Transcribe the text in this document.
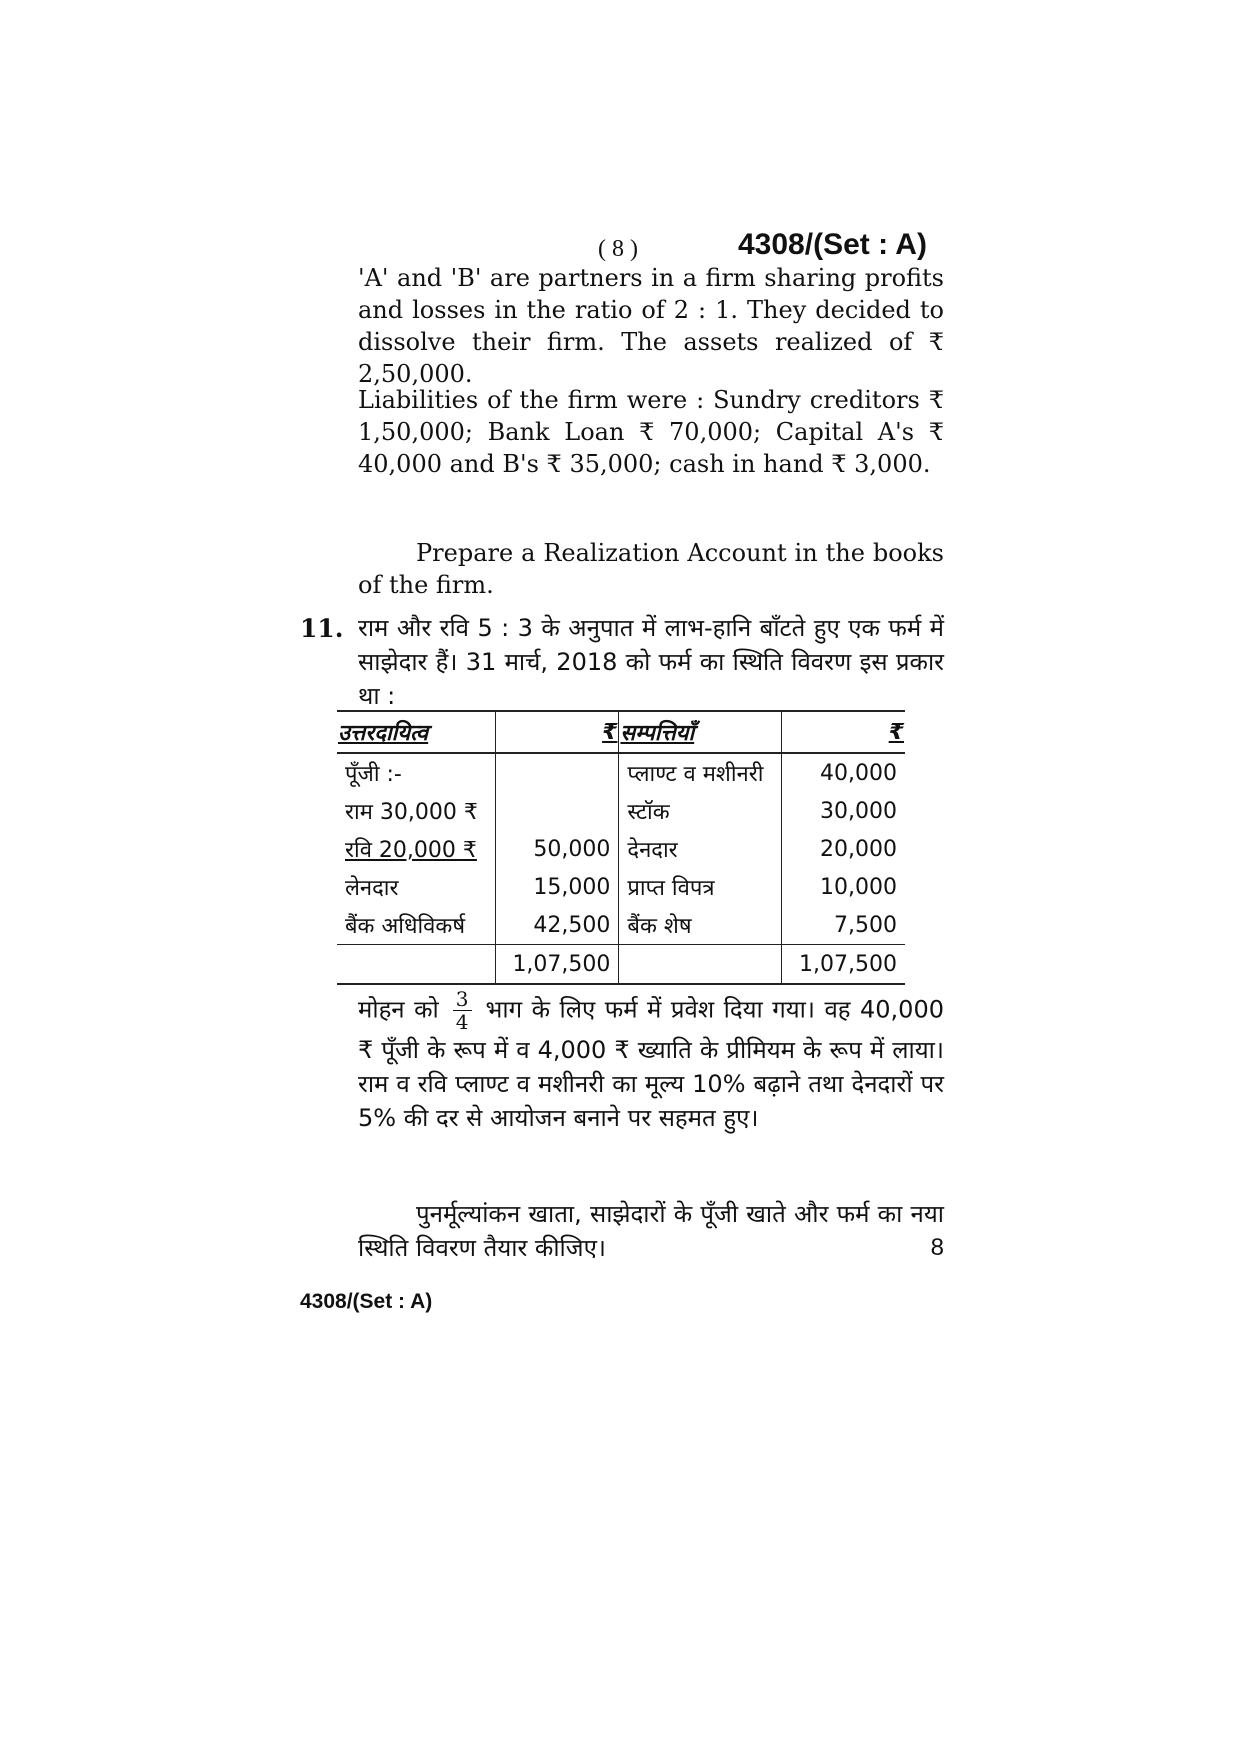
( 8 )	4308/(Set : A)
'A' and 'B' are partners in a firm sharing profits and losses in the ratio of 2 : 1. They decided to dissolve their firm. The assets realized of ₹ 2,50,000.
Liabilities of the firm were : Sundry creditors ₹ 1,50,000; Bank Loan ₹ 70,000; Capital A's ₹ 40,000 and B's ₹ 35,000; cash in hand ₹ 3,000.
Prepare a Realization Account in the books of the firm.
11. राम और रवि 5 : 3 के अनुपात में लाभ-हानि बाँटते हुए एक फर्म में साझेदार हैं। 31 मार्च, 2018 को फर्म का स्थिति विवरण इस प्रकार था :
उत्तरदायित्व	₹	सम्पत्तियाँ	₹
पूँजी :-		प्लाण्ट व मशीनरी	40,000
राम 30,000 ₹		स्टॉक	30,000
रवि 20,000 ₹	50,000	देनदार	20,000
लेनदार	15,000	प्राप्त विपत्र	10,000
बैंक अधिविकर्ष	42,500	बैंक शेष	7,500
	1,07,500		1,07,500
मोहन को $\frac{3}{4}$ भाग के लिए फर्म में प्रवेश दिया गया। वह 40,000 ₹ पूँजी के रूप में व 4,000 ₹ ख्याति के प्रीमियम के रूप में लाया। राम व रवि प्लाण्ट व मशीनरी का मूल्य 10% बढ़ाने तथा देनदारों पर 5% की दर से आयोजन बनाने पर सहमत हुए।
पुनर्मूल्यांकन खाता, साझेदारों के पूँजी खाते और फर्म का नया स्थिति विवरण तैयार कीजिए।	8
4308/(Set : A)
